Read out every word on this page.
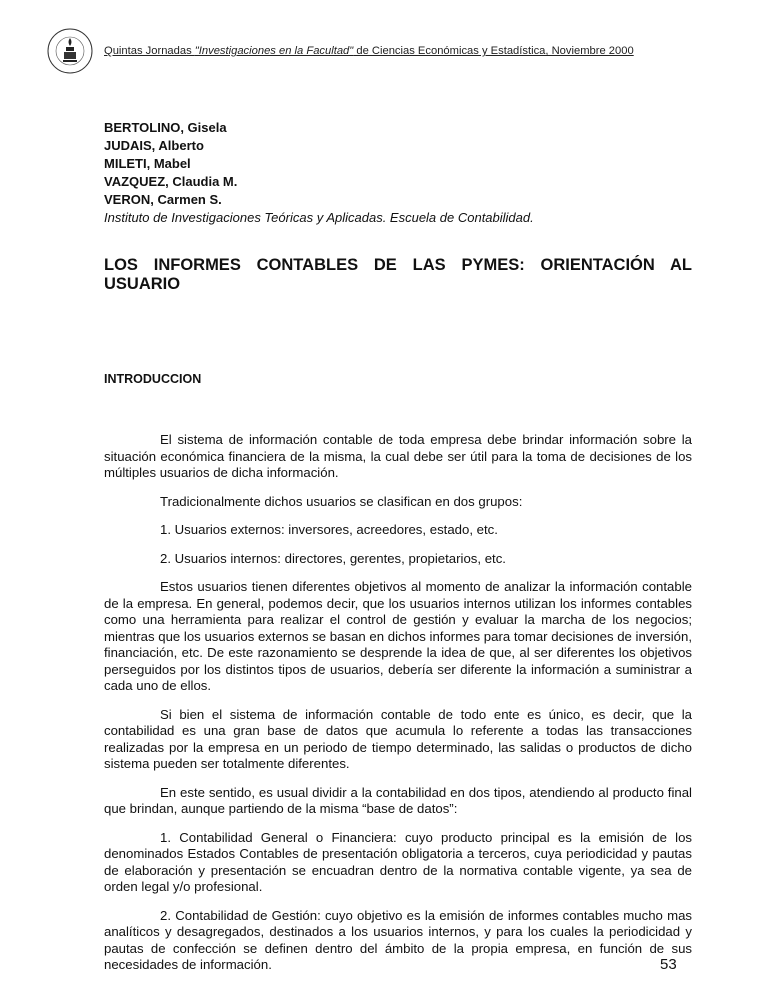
Quintas Jornadas "Investigaciones en la Facultad" de Ciencias Económicas y Estadística, Noviembre 2000
BERTOLINO, Gisela
JUDAIS, Alberto
MILETI, Mabel
VAZQUEZ, Claudia M.
VERON, Carmen S.
Instituto de Investigaciones Teóricas y Aplicadas. Escuela de Contabilidad.
LOS INFORMES CONTABLES DE LAS PYMES: ORIENTACIÓN AL
USUARIO
INTRODUCCION

El sistema de información contable de toda empresa debe brindar información sobre la situación económica financiera de la misma, la cual debe ser útil para la toma de decisiones de los múltiples usuarios de dicha información.

Tradicionalmente dichos usuarios se clasifican en dos grupos:

1. Usuarios externos: inversores, acreedores, estado, etc.

2. Usuarios internos: directores, gerentes, propietarios, etc.

Estos usuarios tienen diferentes objetivos al momento de analizar la información contable de la empresa. En general, podemos decir, que los usuarios internos utilizan los informes contables como una herramienta para realizar el control de gestión y evaluar la marcha de los negocios; mientras que los usuarios externos se basan en dichos informes para tomar decisiones de inversión, financiación, etc. De este razonamiento se desprende la idea de que, al ser diferentes los objetivos perseguidos por los distintos tipos de usuarios, debería ser diferente la información a suministrar a cada uno de ellos.

Si bien el sistema de información contable de todo ente es único, es decir, que la contabilidad es una gran base de datos que acumula lo referente a todas las transacciones realizadas por la empresa en un periodo de tiempo determinado, las salidas o productos de dicho sistema pueden ser totalmente diferentes.

En este sentido, es usual dividir a la contabilidad en dos tipos, atendiendo al producto final que brindan, aunque partiendo de la misma “base de datos”:

1. Contabilidad General o Financiera: cuyo producto principal es la emisión de los denominados Estados Contables de presentación obligatoria a terceros, cuya periodicidad y pautas de elaboración y presentación se encuadran dentro de la normativa contable vigente, ya sea de orden legal y/o profesional.

2. Contabilidad de Gestión: cuyo objetivo es la emisión de informes contables mucho mas analíticos y desagregados, destinados a los usuarios internos, y para los cuales la periodicidad y pautas de confección se definen dentro del ámbito de la propia empresa, en función de sus necesidades de información.	53
